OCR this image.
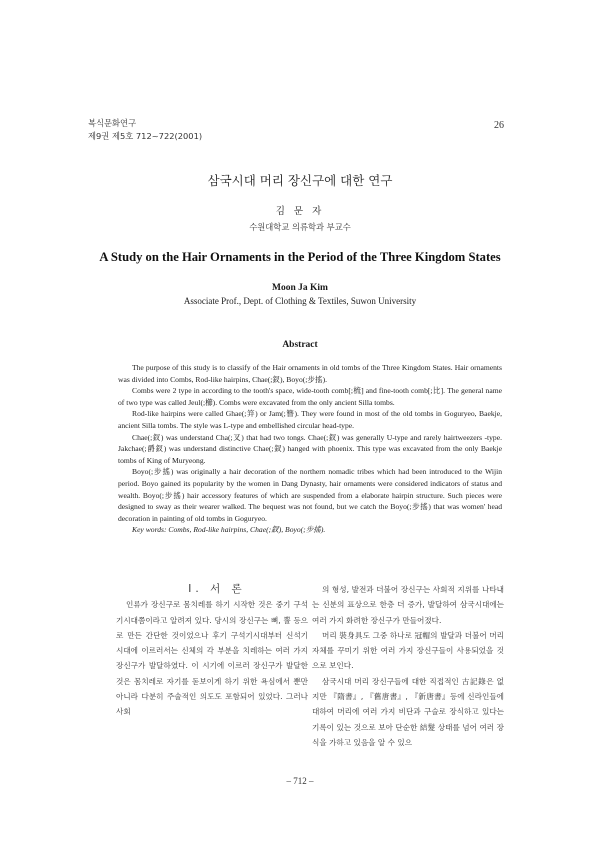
복식문화연구
제9권 제5호 712~722(2001)
26
삼국시대 머리 장신구에 대한 연구
김 문 자
수원대학교 의류학과 부교수
A Study on the Hair Ornaments in the Period of the Three Kingdom States
Moon Ja Kim
Associate Prof., Dept. of Clothing & Textiles, Suwon University
Abstract

The purpose of this study is to classify of the Hair ornaments in old tombs of the Three Kingdom States. Hair ornaments was divided into Combs, Rod-like hairpins, Chae(;釵), Boyo(;步搖).

Combs were 2 type in according to the tooth's space, wide-tooth comb[;梳] and fine-tooth comb[;比]. The general name of two type was called Jeul(;櫛). Combs were excavated from the only ancient Silla tombs.

Rod-like hairpins were called Ghae(;笄) or Jam(;簪). They were found in most of the old tombs in Goguryeo, Baekje, ancient Silla tombs. The style was L-type and embellished circular head-type.

Chae(;釵) was understand Cha(;叉) that had two tongs. Chae(;釵) was generally U-type and rarely hairtweezers -type. Jakchae(;爵釵) was understand distinctive Chae(;釵) hanged with phoenix. This type was excavated from the only Baekje tombs of King of Muryeong.

Boyo(;步搖) was originally a hair decoration of the northern nomadic tribes which had been introduced to the Wijin period. Boyo gained its popularity by the women in Dang Dynasty, hair ornaments were considered indicators of status and wealth. Boyo(;步搖) hair accessory features of which are suspended from a elaborate hairpin structure. Such pieces were designed to sway as their wearer walked. The bequest was not found, but we catch the Boyo(;步搖) that was women' head decoration in painting of old tombs in Goguryeo.

Key words: Combs, Rod-like hairpins, Chae(;釵), Boyo(;步搖).

Ⅰ. 서 론

인류가 장신구로 몸치레를 하기 시작한 것은 중기 구석기시대쯤이라고 알려져 있다. 당시의 장신구는 뼈, 뿔 등으로 만든 간단한 것이었으나 후기 구석기시대부터 신석기 시대에 이르러서는 신체의 각 부분을 치레하는 여러 가지 장신구가 발달하였다. 이 시기에 이르러 장신구가 발달한 것은 몸치레로 자기를 돋보이게 하기 위한 욕심에서 뿐만 아니라 다분히 주술적인 의도도 포함되어 있었다. 그러나 사회

의 형성, 발전과 더불어 장신구는 사회적 지위를 나타내는 신분의 표상으로 한층 더 증가, 발달하여 삼국시대에는 여러 가지 화려한 장신구가 만들어졌다.

머리 裝身具도 그중 하나로 冠帽의 발달과 더불어 머리 자체를 꾸미기 위한 여러 가지 장신구들이 사용되었을 것으로 보인다.

삼국시대 머리 장신구들에 대한 직접적인 古記錄은 없지만 『隋書』, 『舊唐書』, 『新唐書』등에 신라인들에 대하여 머리에 여러 가지 비단과 구슬로 장식하고 있다는 기록이 있는 것으로 보아 단순한 結髮 상태를 넘어 여러 장식을 가하고 있음을 알 수 있으

– 712 –
